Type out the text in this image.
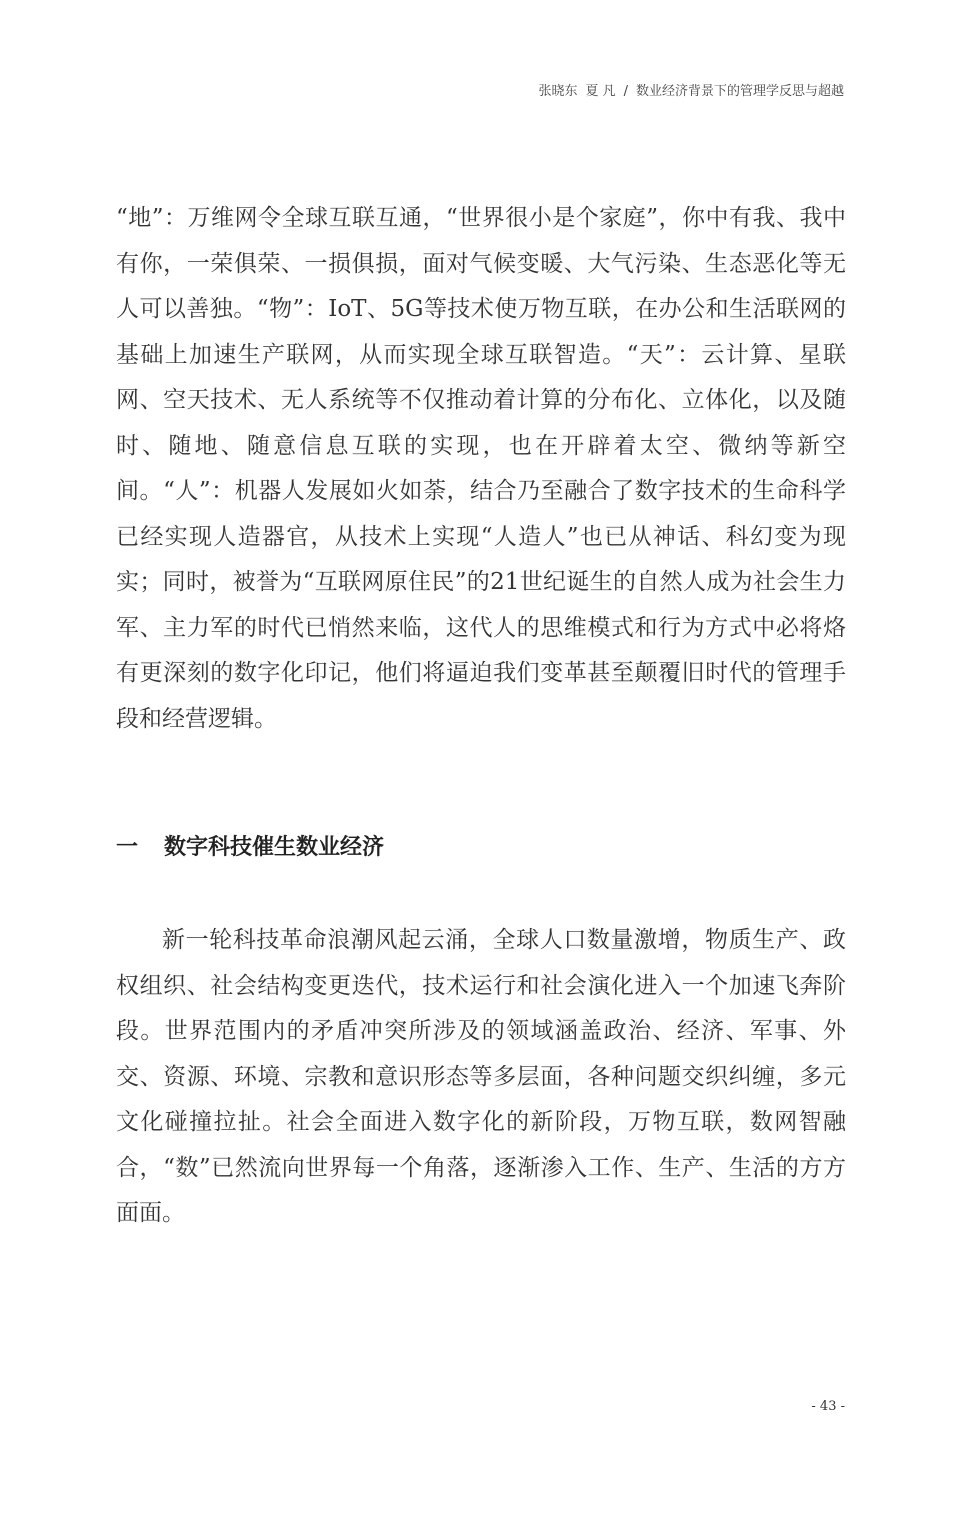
张晓东 夏 凡 / 数业经济背景下的管理学反思与超越

“地”：万维网令全球互联互通，“世界很小是个家庭”，你中有我、我中有你，一荣俱荣、一损俱损，面对气候变暖、大气污染、生态恶化等无人可以善独。“物”：IoT、5G等技术使万物互联，在办公和生活联网的基础上加速生产联网，从而实现全球互联智造。“天”：云计算、星联网、空天技术、无人系统等不仅推动着计算的分布化、立体化，以及随时、随地、随意信息互联的实现，也在开辟着太空、微纳等新空间。“人”：机器人发展如火如荼，结合乃至融合了数字技术的生命科学已经实现人造器官，从技术上实现“人造人”也已从神话、科幻变为现实；同时，被誉为“互联网原住民”的21世纪诞生的自然人成为社会生力军、主力军的时代已悄然来临，这代人的思维模式和行为方式中必将烙有更深刻的数字化印记，他们将逼迫我们变革甚至颠覆旧时代的管理手段和经营逻辑。

一 数字科技催生数业经济

新一轮科技革命浪潮风起云涌，全球人口数量激增，物质生产、政权组织、社会结构变更迭代，技术运行和社会演化进入一个加速飞奔阶段。世界范围内的矛盾冲突所涉及的领域涵盖政治、经济、军事、外交、资源、环境、宗教和意识形态等多层面，各种问题交织纠缠，多元文化碰撞拉扯。社会全面进入数字化的新阶段，万物互联，数网智融合，“数”已然流向世界每一个角落，逐渐渗入工作、生产、生活的方方面面。

- 43 -
